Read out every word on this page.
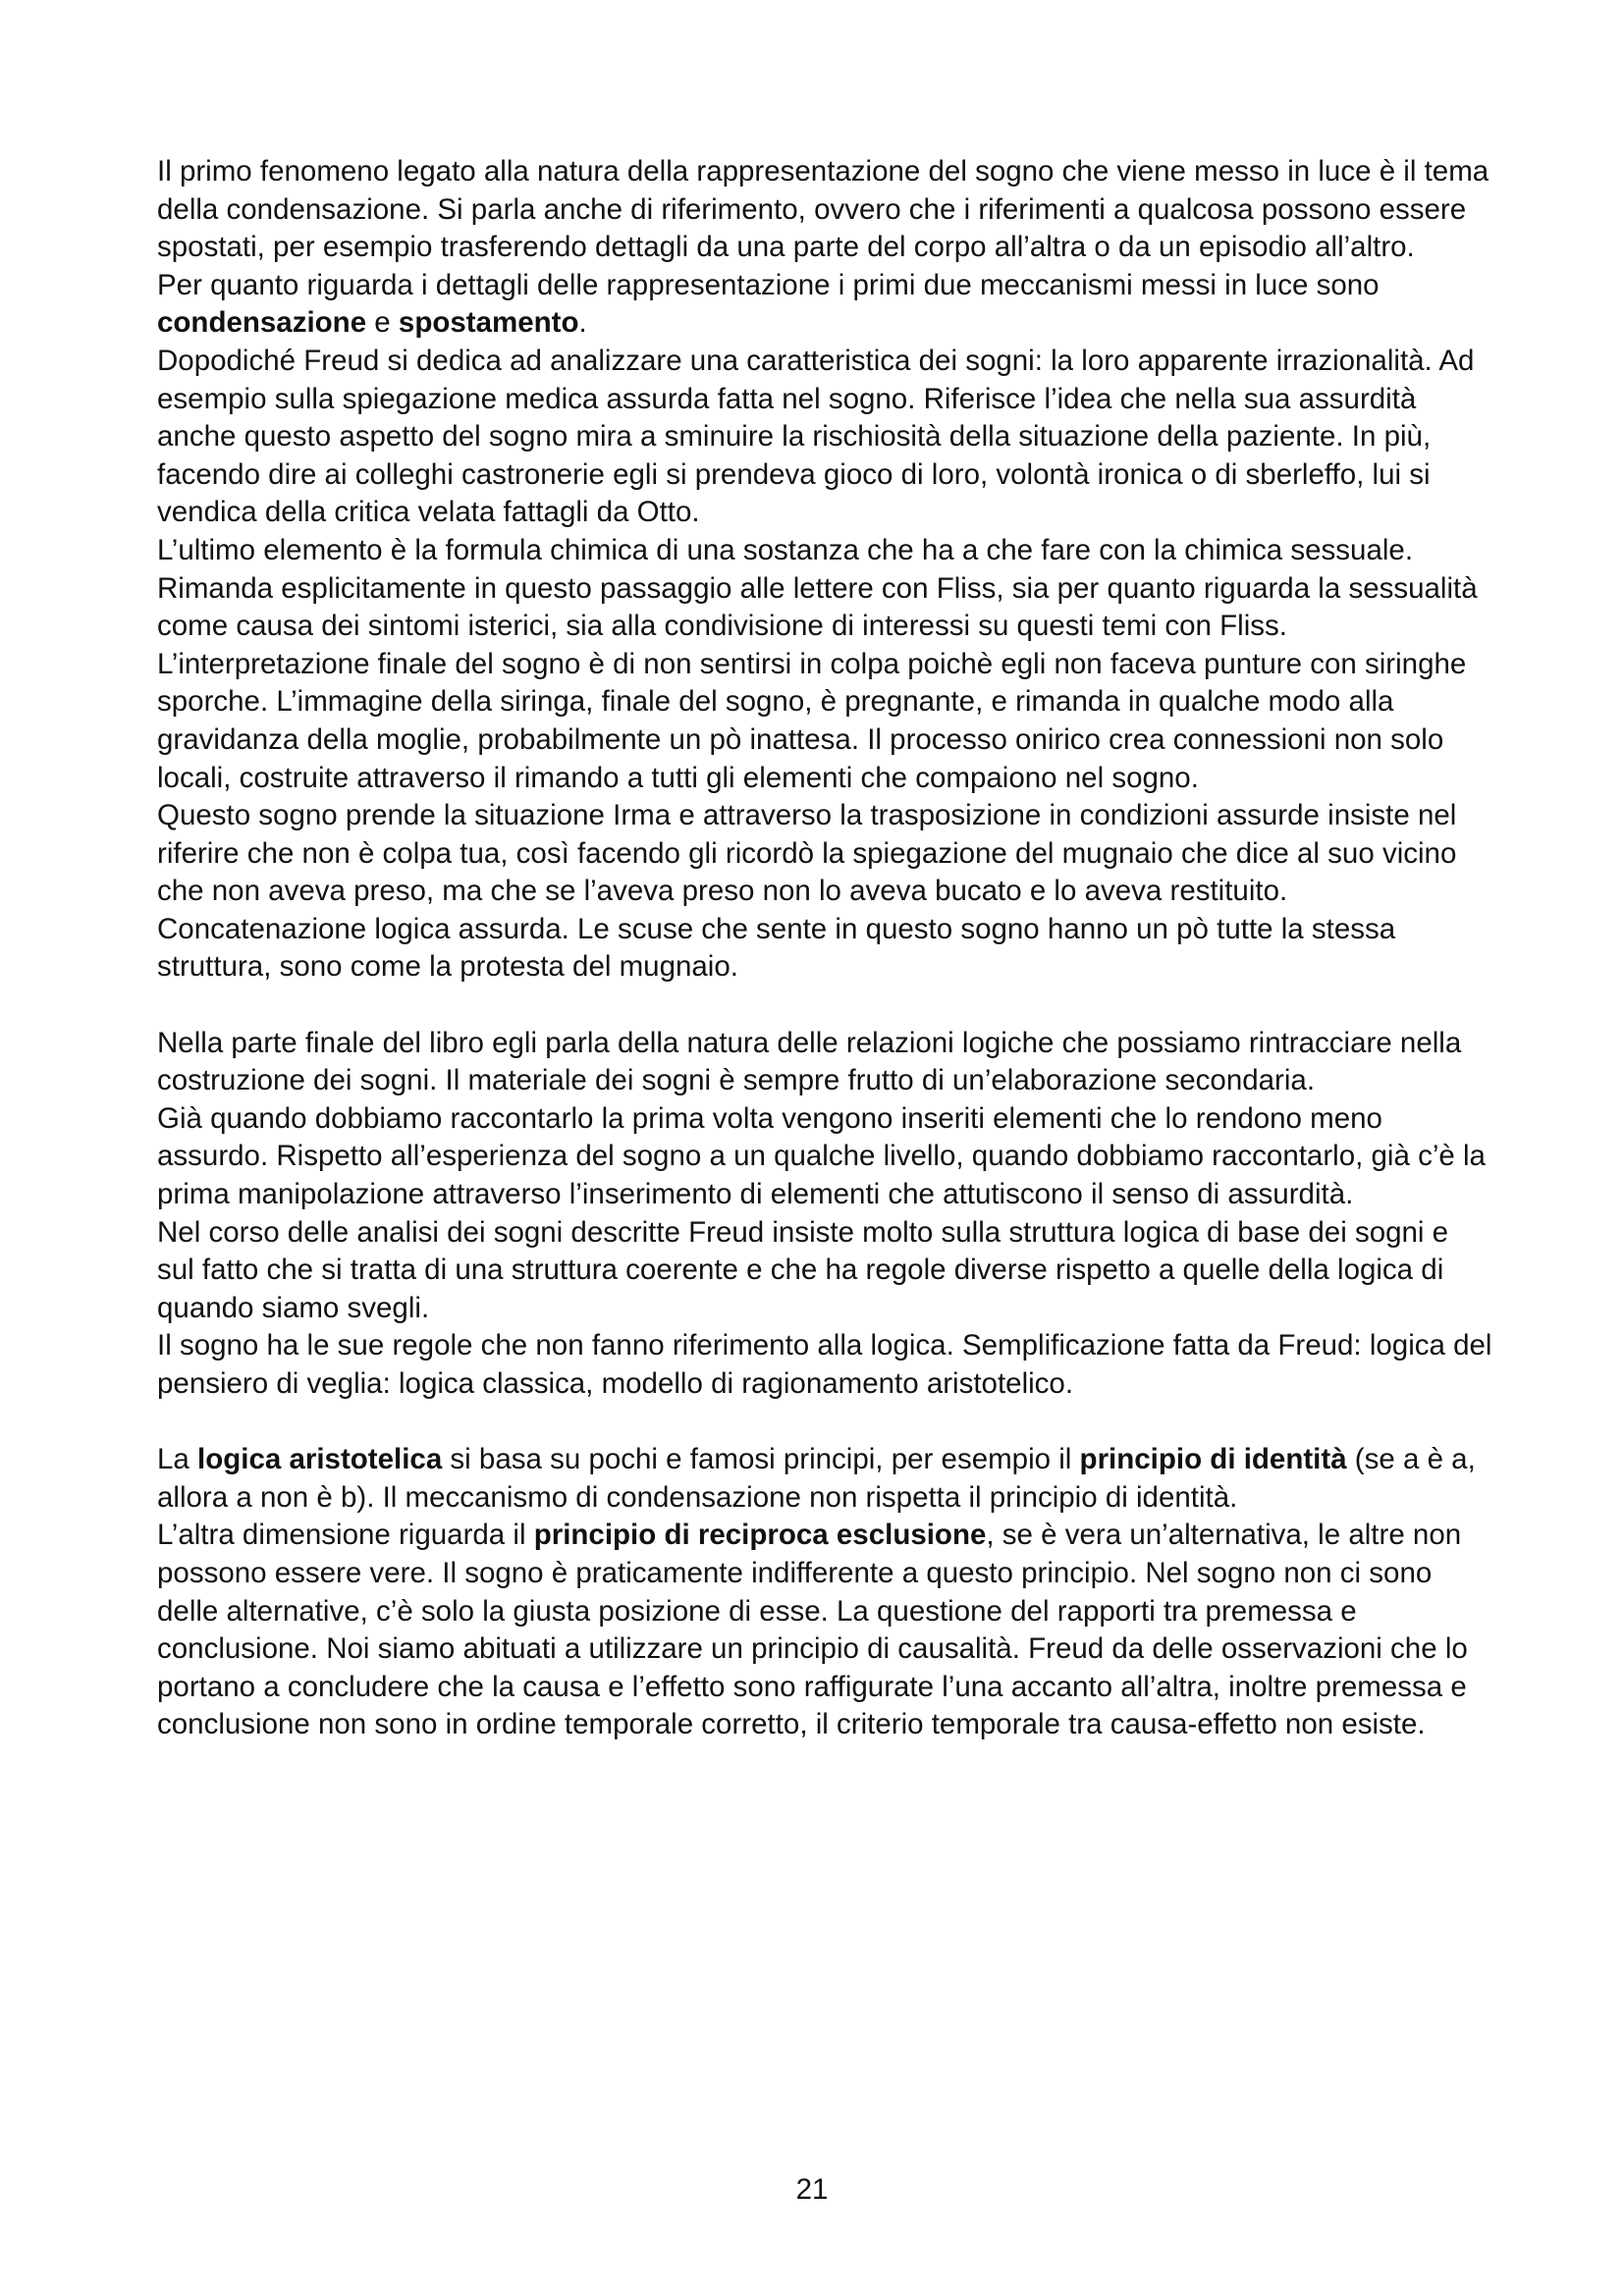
Il primo fenomeno legato alla natura della rappresentazione del sogno che viene messo in luce è il tema della condensazione. Si parla anche di riferimento, ovvero che i riferimenti a qualcosa possono essere spostati, per esempio trasferendo dettagli da una parte del corpo all’altra o da un episodio all’altro.

Per quanto riguarda i dettagli delle rappresentazione i primi due meccanismi messi in luce sono condensazione e spostamento.

Dopodiché Freud si dedica ad analizzare una caratteristica dei sogni: la loro apparente irrazionalità. Ad esempio sulla spiegazione medica assurda fatta nel sogno. Riferisce l’idea che nella sua assurdità anche questo aspetto del sogno mira a sminuire la rischiosità della situazione della paziente. In più, facendo dire ai colleghi castronerie egli si prendeva gioco di loro, volontà ironica o di sberleffo, lui si vendica della critica velata fattagli da Otto.

L’ultimo elemento è la formula chimica di una sostanza che ha a che fare con la chimica sessuale.

Rimanda esplicitamente in questo passaggio alle lettere con Fliss, sia per quanto riguarda la sessualità come causa dei sintomi isterici, sia alla condivisione di interessi su questi temi con Fliss. L’interpretazione finale del sogno è di non sentirsi in colpa poichè egli non faceva punture con siringhe sporche. L’immagine della siringa, finale del sogno, è pregnante, e rimanda in qualche modo alla gravidanza della moglie, probabilmente un pò inattesa. Il processo onirico crea connessioni non solo locali, costruite attraverso il rimando a tutti gli elementi che compaiono nel sogno.

Questo sogno prende la situazione Irma e attraverso la trasposizione in condizioni assurde insiste nel riferire che non è colpa tua, così facendo gli ricordò la spiegazione del mugnaio che dice al suo vicino che non aveva preso, ma che se l’aveva preso non lo aveva bucato e lo aveva restituito. Concatenazione logica assurda. Le scuse che sente in questo sogno hanno un pò tutte la stessa struttura, sono come la protesta del mugnaio.

Nella parte finale del libro egli parla della natura delle relazioni logiche che possiamo rintracciare nella costruzione dei sogni. Il materiale dei sogni è sempre frutto di un’elaborazione secondaria.

Già quando dobbiamo raccontarlo la prima volta vengono inseriti elementi che lo rendono meno assurdo. Rispetto all’esperienza del sogno a un qualche livello, quando dobbiamo raccontarlo, già c’è la prima manipolazione attraverso l’inserimento di elementi che attutiscono il senso di assurdità.

Nel corso delle analisi dei sogni descritte Freud insiste molto sulla struttura logica di base dei sogni e sul fatto che si tratta di una struttura coerente e che ha regole diverse rispetto a quelle della logica di quando siamo svegli.

Il sogno ha le sue regole che non fanno riferimento alla logica. Semplificazione fatta da Freud: logica del pensiero di veglia: logica classica, modello di ragionamento aristotelico.

La logica aristotelica si basa su pochi e famosi principi, per esempio il principio di identità (se a è a, allora a non è b). Il meccanismo di condensazione non rispetta il principio di identità.

L’altra dimensione riguarda il principio di reciproca esclusione, se è vera un’alternativa, le altre non possono essere vere. Il sogno è praticamente indifferente a questo principio. Nel sogno non ci sono delle alternative, c’è solo la giusta posizione di esse. La questione del rapporti tra premessa e conclusione. Noi siamo abituati a utilizzare un principio di causalità. Freud da delle osservazioni che lo portano a concludere che la causa e l’effetto sono raffigurate l’una accanto all’altra, inoltre premessa e conclusione non sono in ordine temporale corretto, il criterio temporale tra causa-effetto non esiste.

21
